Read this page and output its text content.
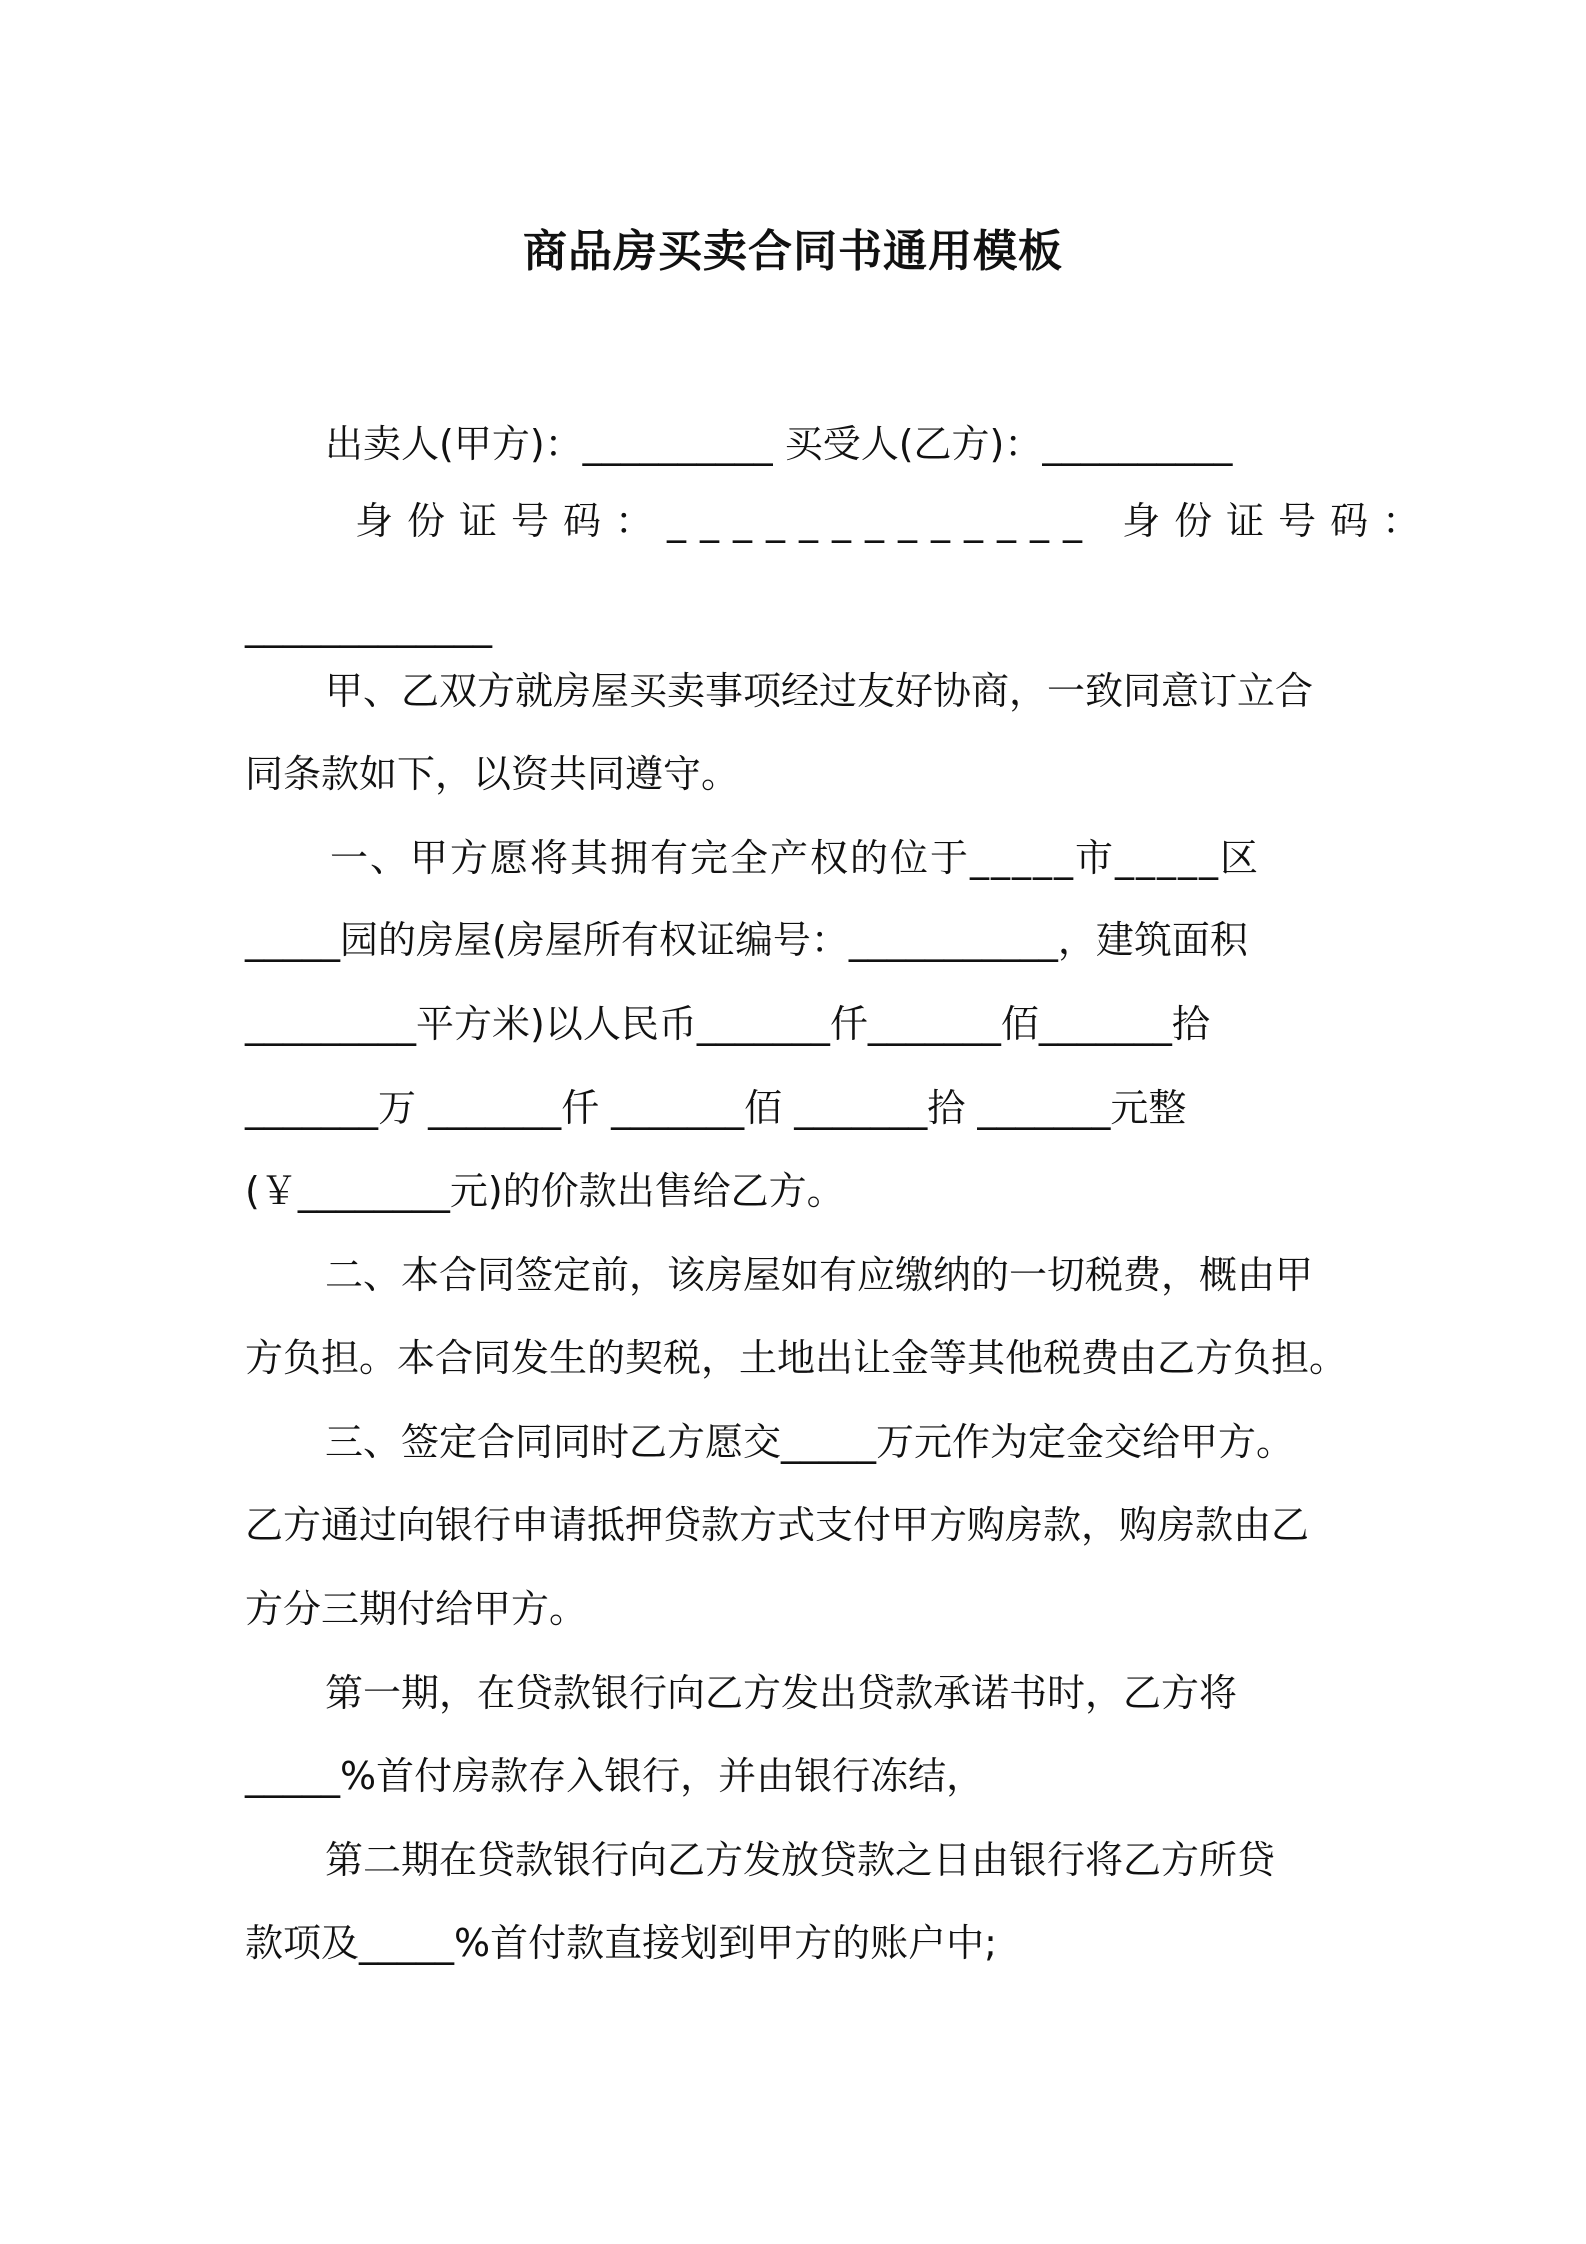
商品房买卖合同书通用模板
出卖人(甲方)：__________ 买受人(乙方)：__________
身份证号码：_____________ 身份证号码：
_____________
甲、乙双方就房屋买卖事项经过友好协商，一致同意订立合
同条款如下，以资共同遵守。
一、甲方愿将其拥有完全产权的位于_____市_____区
_____园的房屋(房屋所有权证编号：___________，建筑面积
_________平方米)以人民币_______仟_______佰_______拾
_______万 _______仟 _______佰 _______拾 _______元整
(￥________元)的价款出售给乙方。
二、本合同签定前，该房屋如有应缴纳的一切税费，概由甲
方负担。本合同发生的契税，土地出让金等其他税费由乙方负担。
三、签定合同同时乙方愿交_____万元作为定金交给甲方。
乙方通过向银行申请抵押贷款方式支付甲方购房款，购房款由乙
方分三期付给甲方。
第一期，在贷款银行向乙方发出贷款承诺书时，乙方将
_____%首付房款存入银行，并由银行冻结，
第二期在贷款银行向乙方发放贷款之日由银行将乙方所贷
款项及_____%首付款直接划到甲方的账户中;
